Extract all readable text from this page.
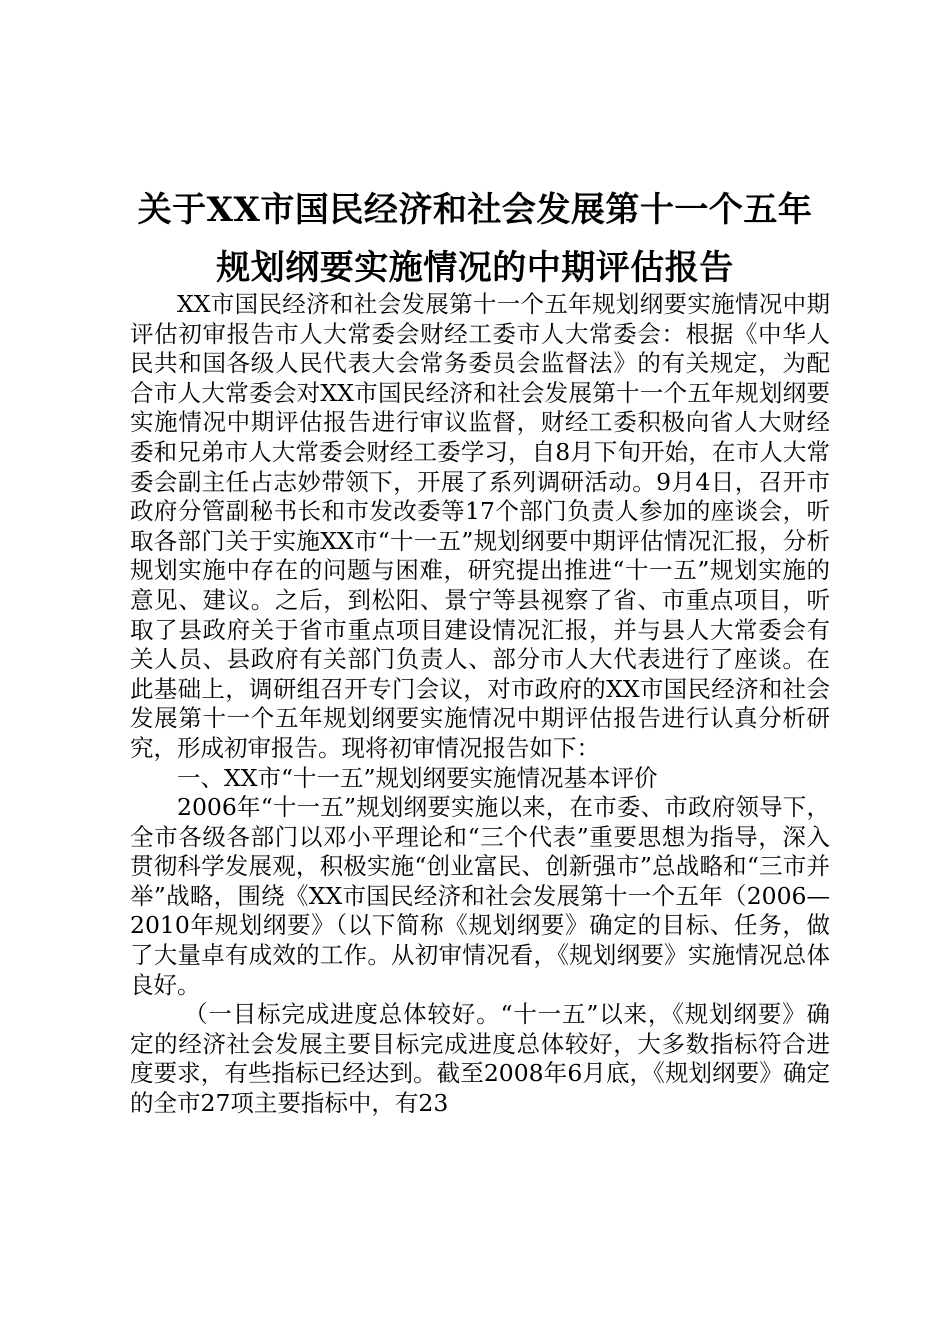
关于XX市国民经济和社会发展第十一个五年
规划纲要实施情况的中期评估报告

XX市国民经济和社会发展第十一个五年规划纲要实施情况中期评估初审报告市人大常委会财经工委市人大常委会：根据《中华人民共和国各级人民代表大会常务委员会监督法》的有关规定，为配合市人大常委会对XX市国民经济和社会发展第十一个五年规划纲要实施情况中期评估报告进行审议监督，财经工委积极向省人大财经委和兄弟市人大常委会财经工委学习，自8月下旬开始，在市人大常委会副主任占志妙带领下，开展了系列调研活动。9月4日，召开市政府分管副秘书长和市发改委等17个部门负责人参加的座谈会，听取各部门关于实施XX市“十一五”规划纲要中期评估情况汇报，分析规划实施中存在的问题与困难，研究提出推进“十一五”规划实施的意见、建议。之后，到松阳、景宁等县视察了省、市重点项目，听取了县政府关于省市重点项目建设情况汇报，并与县人大常委会有关人员、县政府有关部门负责人、部分市人大代表进行了座谈。在此基础上，调研组召开专门会议，对市政府的XX市国民经济和社会发展第十一个五年规划纲要实施情况中期评估报告进行认真分析研究，形成初审报告。现将初审情况报告如下：

一、XX市“十一五”规划纲要实施情况基本评价

2006年“十一五”规划纲要实施以来，在市委、市政府领导下，全市各级各部门以邓小平理论和“三个代表”重要思想为指导，深入贯彻科学发展观，积极实施“创业富民、创新强市”总战略和“三市并举”战略，围绕《XX市国民经济和社会发展第十一个五年（2006—2010年规划纲要》（以下简称《规划纲要》确定的目标、任务，做了大量卓有成效的工作。从初审情况看，《规划纲要》实施情况总体良好。

（一目标完成进度总体较好。“十一五”以来，《规划纲要》确定的经济社会发展主要目标完成进度总体较好，大多数指标符合进度要求，有些指标已经达到。截至2008年6月底，《规划纲要》确定的全市27项主要指标中，有23
